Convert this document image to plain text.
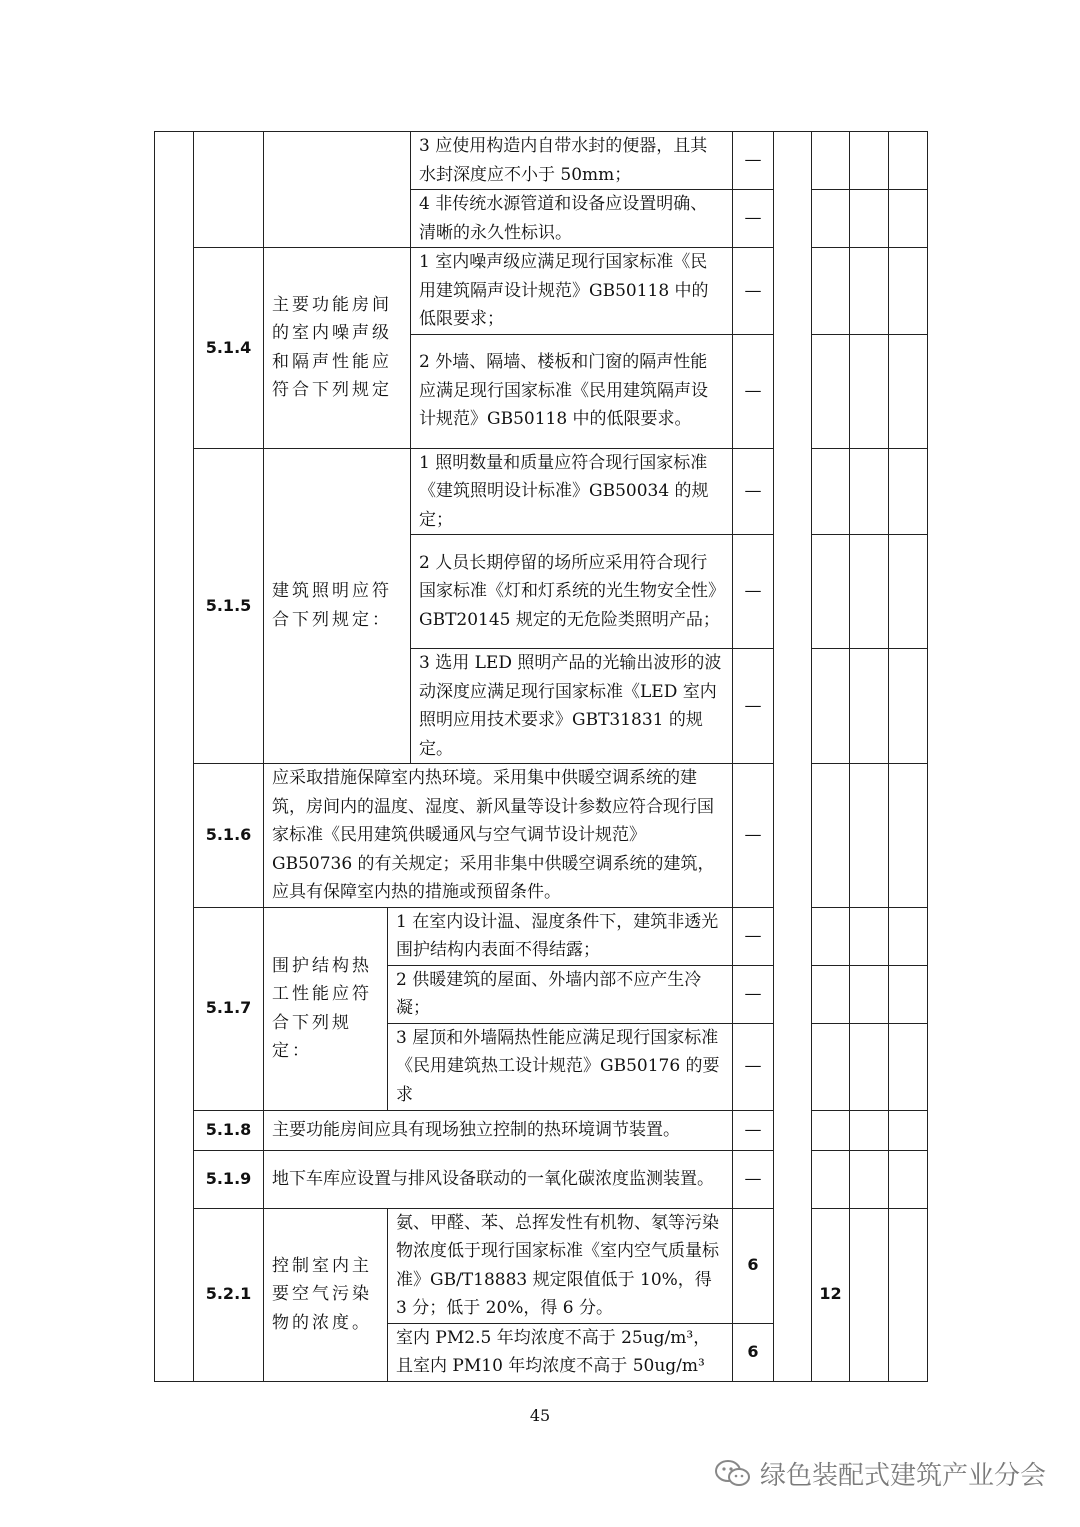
				3 应使用构造内自带水封的便器，且其水封深度应不小于 50mm；	—					
				4 非传统水源管道和设备应设置明确、清晰的永久性标识。	—					
	5.1.4	主要功能房间的室内噪声级和隔声性能应符合下列规定		1 室内噪声级应满足现行国家标准《民用建筑隔声设计规范》GB50118 中的低限要求；	—					
				2 外墙、隔墙、楼板和门窗的隔声性能应满足现行国家标准《民用建筑隔声设计规范》GB50118 中的低限要求。	—					
	5.1.5	建筑照明应符合下列规定：		1 照明数量和质量应符合现行国家标准《建筑照明设计标准》GB50034 的规定；	—					
				2 人员长期停留的场所应采用符合现行国家标准《灯和灯系统的光生物安全性》GBT20145 规定的无危险类照明产品；	—					
				3 选用 LED 照明产品的光输出波形的波动深度应满足现行国家标准《LED 室内照明应用技术要求》GBT31831 的规定。	—					
	5.1.6	应采取措施保障室内热环境。采用集中供暖空调系统的建筑，房间内的温度、湿度、新风量等设计参数应符合现行国家标准《民用建筑供暖通风与空气调节设计规范》GB50736 的有关规定；采用非集中供暖空调系统的建筑，应具有保障室内热的措施或预留条件。			—					
	5.1.7	围护结构热工性能应符合下列规定：	1 在室内设计温、湿度条件下，建筑非透光围护结构内表面不得结露；		—					
			2 供暖建筑的屋面、外墙内部不应产生冷凝；		—					
			3 屋顶和外墙隔热性能应满足现行国家标准《民用建筑热工设计规范》GB50176 的要求		—					
	5.1.8	主要功能房间应具有现场独立控制的热环境调节装置。			—					
	5.1.9	地下车库应设置与排风设备联动的一氧化碳浓度监测装置。			—					
	5.2.1	控制室内主要空气污染物的浓度。	氨、甲醛、苯、总挥发性有机物、氡等污染物浓度低于现行国家标准《室内空气质量标准》GB/T18883 规定限值低于 10%，得 3 分；低于 20%，得 6 分。		6		12			
			室内 PM2.5 年均浓度不高于 25ug/m³，且室内 PM10 年均浓度不高于 50ug/m³		6					
45
绿色装配式建筑产业分会
